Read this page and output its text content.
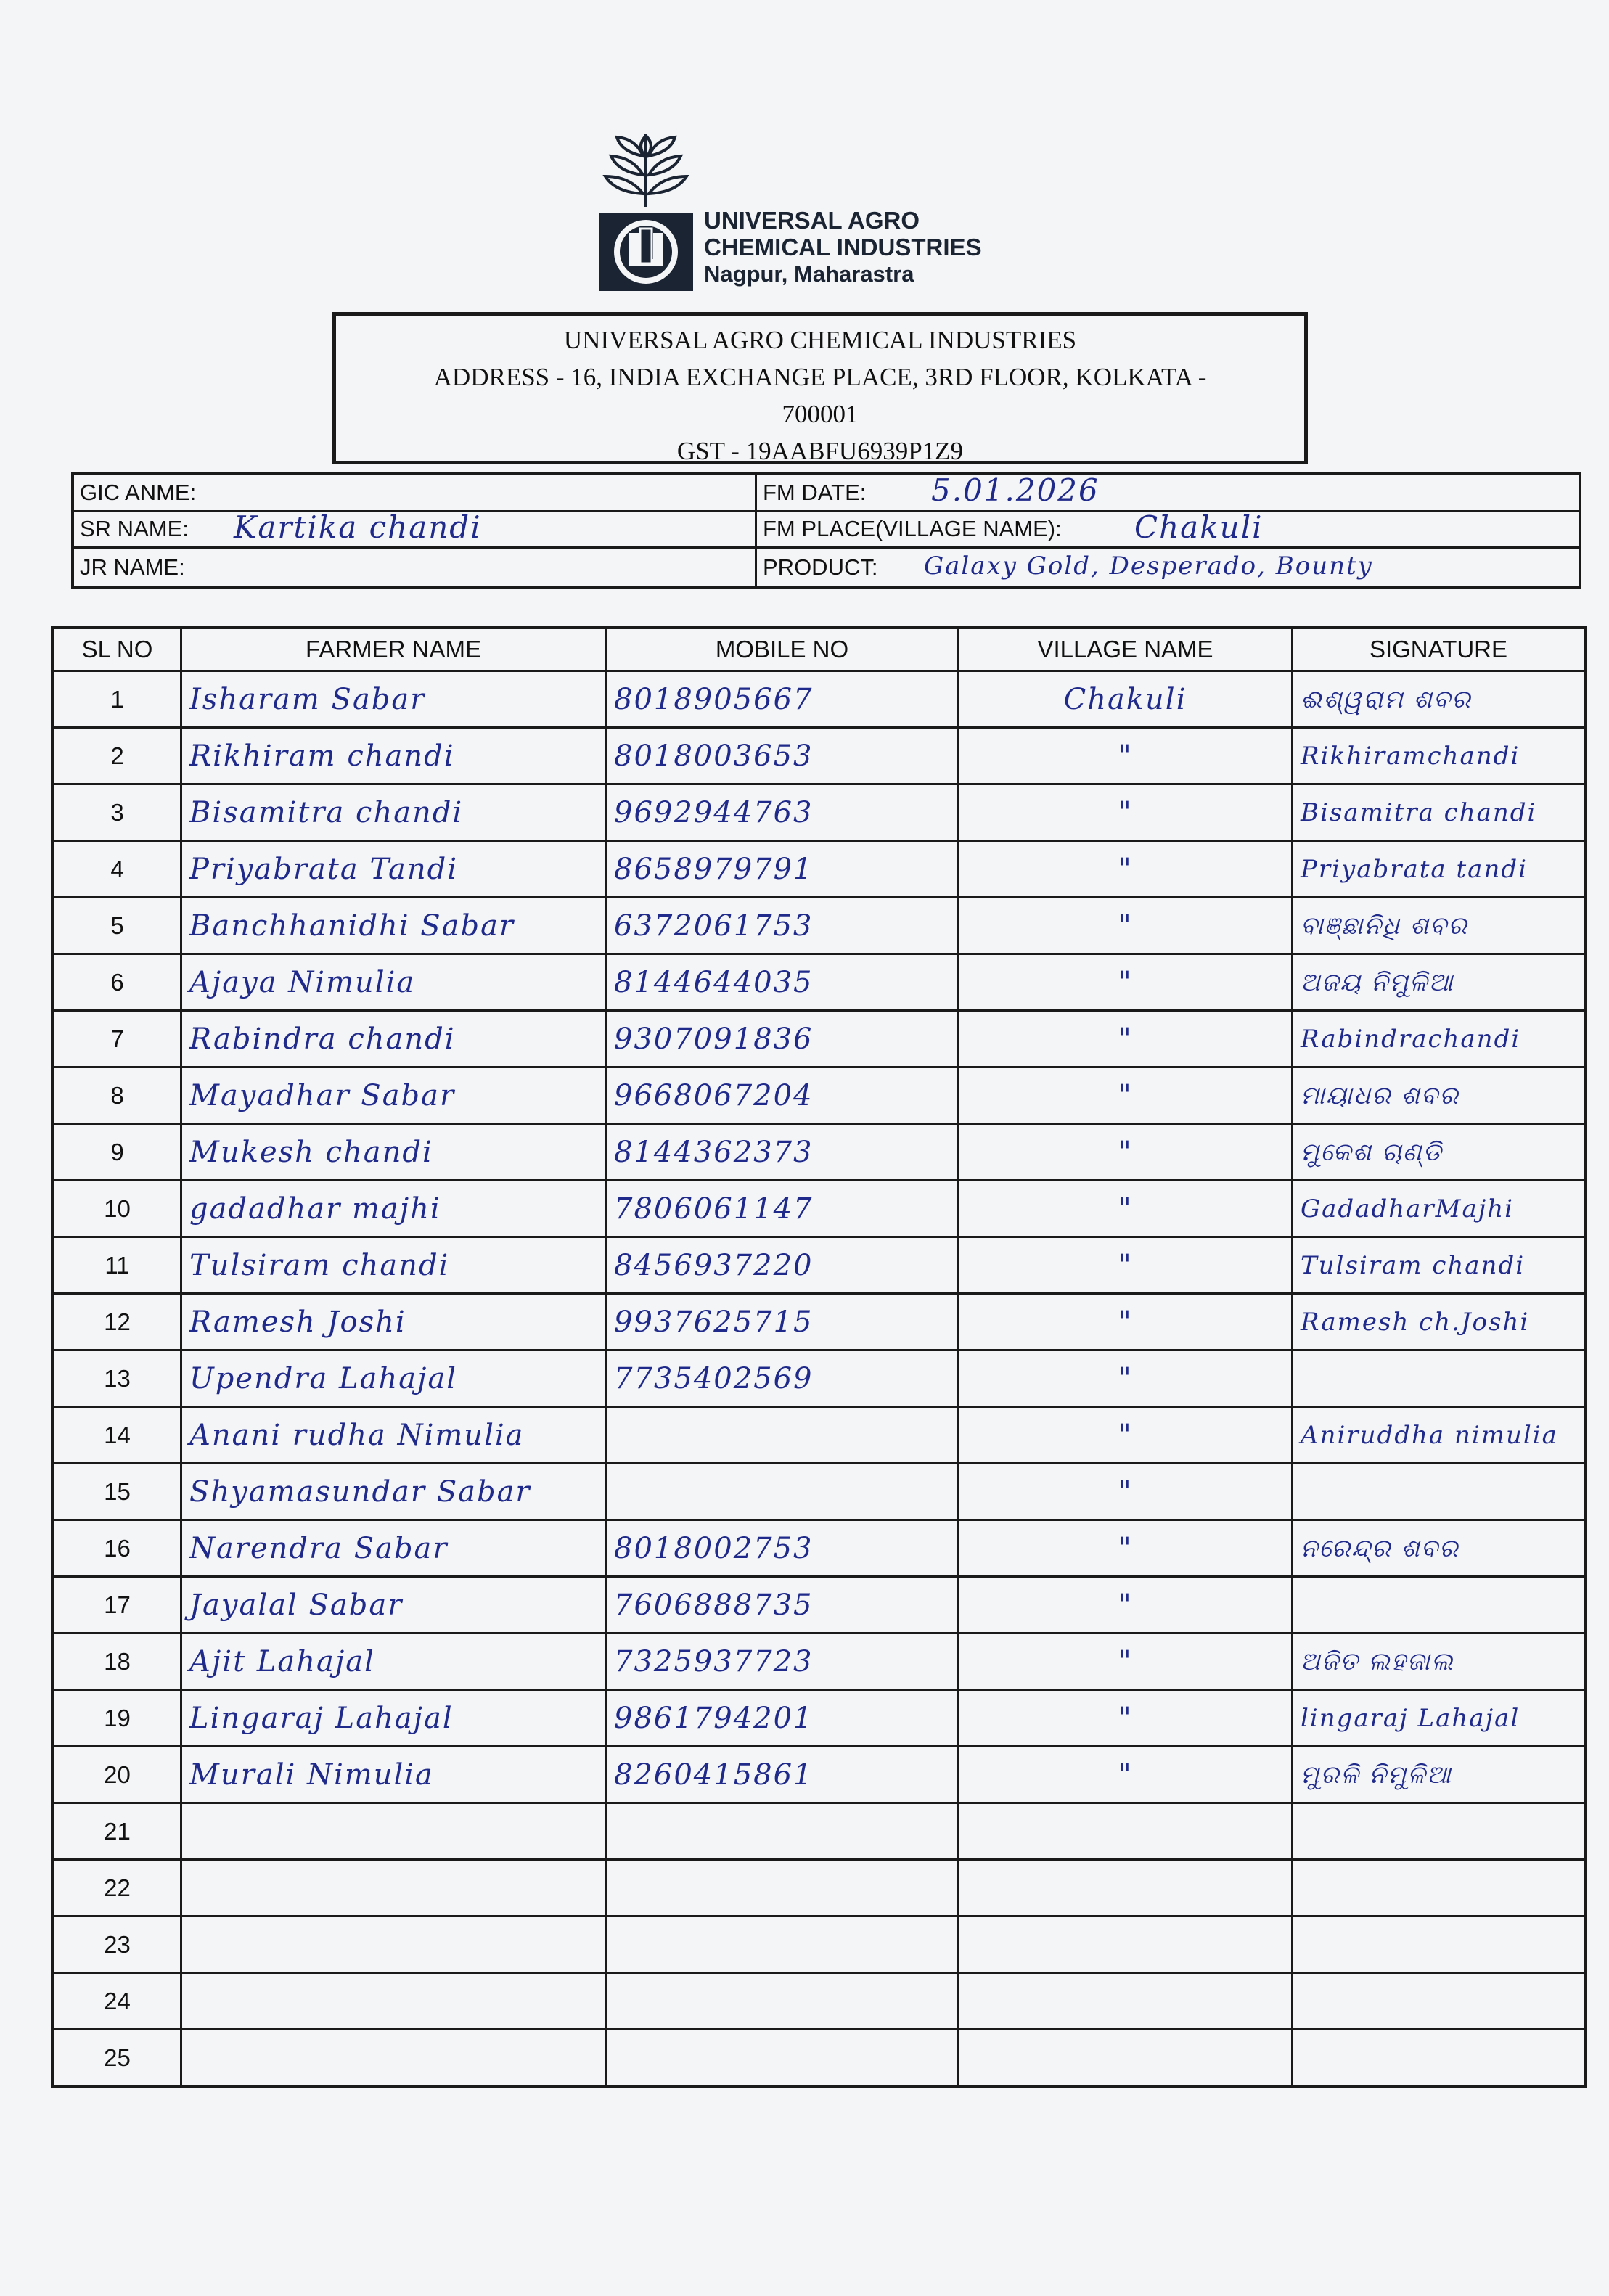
UNIVERSAL AGRO
CHEMICAL INDUSTRIES
Nagpur, Maharastra
UNIVERSAL AGRO CHEMICAL INDUSTRIES
ADDRESS - 16, INDIA EXCHANGE PLACE, 3RD FLOOR, KOLKATA -
700001
GST - 19AABFU6939P1Z9
GIC ANME:	FM DATE: 5.01.2026
SR NAME: Kartika chandi	FM PLACE(VILLAGE NAME): Chakuli
JR NAME:	PRODUCT: Galaxy Gold, Desperado, Bounty
SL NO	FARMER NAME	MOBILE NO	VILLAGE NAME	SIGNATURE
1	Isharam Sabar	8018905667	Chakuli	ଈଶ୍ୱରାମ ଶବର
2	Rikhiram chandi	8018003653	"	Rikhiramchandi
3	Bisamitra chandi	9692944763	"	Bisamitra chandi
4	Priyabrata Tandi	8658979791	"	Priyabrata tandi
5	Banchhanidhi Sabar	6372061753	"	ବାଞ୍ଛାନିଧି ଶବର
6	Ajaya Nimulia	8144644035	"	ଅଜୟ ନିମୁଳିଆ
7	Rabindra chandi	9307091836	"	Rabindrachandi
8	Mayadhar Sabar	9668067204	"	ମାୟାଧର ଶବର
9	Mukesh chandi	8144362373	"	ମୁକେଶ ଚାଣ୍ଡି
10	gadadhar majhi	7806061147	"	GadadharMajhi
11	Tulsiram chandi	8456937220	"	Tulsiram chandi
12	Ramesh Joshi	9937625715	"	Ramesh ch.Joshi
13	Upendra Lahajal	7735402569	"	
14	Anani rudha Nimulia		"	Aniruddha nimulia
15	Shyamasundar Sabar		"	
16	Narendra Sabar	8018002753	"	ନରେନ୍ଦ୍ର ଶବର
17	Jayalal Sabar	7606888735	"	
18	Ajit Lahajal	7325937723	"	ଅଜିତ ଲହଜାଲ
19	Lingaraj Lahajal	9861794201	"	lingaraj Lahajal
20	Murali Nimulia	8260415861	"	ମୁରଳି ନିମୁଳିଆ
21				
22				
23				
24				
25				
